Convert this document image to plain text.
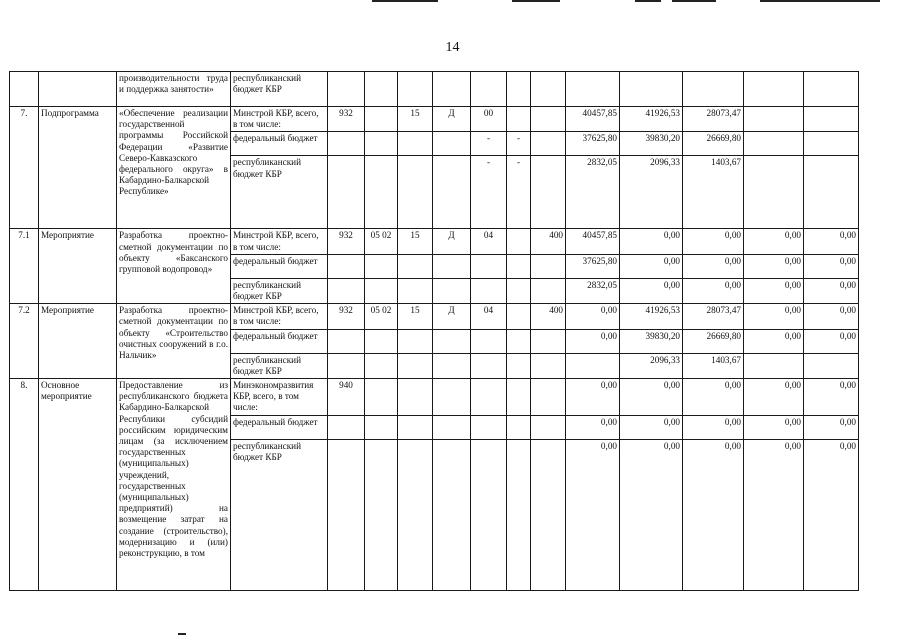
14
		производительности труда и поддержка занятости»	республиканский бюджет КБР												
7.	Подпрограмма	«Обеспечение реализации государственной программы Российской Федерации «Развитие Северо-Кавказского федерального округа» в Кабардино-Балкарской Республике»	Минстрой КБР, всего, в том числе:	932		15	Д	00			40457,85	41926,53	28073,47		
			федеральный бюджет					-	-		37625,80	39830,20	26669,80		
			республиканский бюджет КБР					-	-		2832,05	2096,33	1403,67		
7.1	Мероприятие	Разработка проектно-сметной документации по объекту «Баксанского групповой водопровод»	Минстрой КБР, всего, в том числе:	932	05 02	15	Д	04		400	40457,85	0,00	0,00	0,00	0,00
			федеральный бюджет								37625,80	0,00	0,00	0,00	0,00
			республиканский бюджет КБР								2832,05	0,00	0,00	0,00	0,00
7.2	Мероприятие	Разработка проектно-сметной документации по объекту «Строительство очистных сооружений в г.о. Нальчик»	Минстрой КБР, всего, в том числе:	932	05 02	15	Д	04		400	0,00	41926,53	28073,47	0,00	0,00
			федеральный бюджет								0,00	39830,20	26669,80	0,00	0,00
			республиканский бюджет КБР									2096,33	1403,67		
8.	Основное мероприятие	Предоставление из республиканского бюджета Кабардино-Балкарской Республики субсидий российским юридическим лицам (за исключением государственных (муниципальных) учреждений, государственных (муниципальных) предприятий) на возмещение затрат на создание (строительство), модернизацию и (или) реконструкцию, в том	Минэкономразвития КБР, всего, в том числе:	940							0,00	0,00	0,00	0,00	0,00
			федеральный бюджет								0,00	0,00	0,00	0,00	0,00
			республиканский бюджет КБР								0,00	0,00	0,00	0,00	0,00
